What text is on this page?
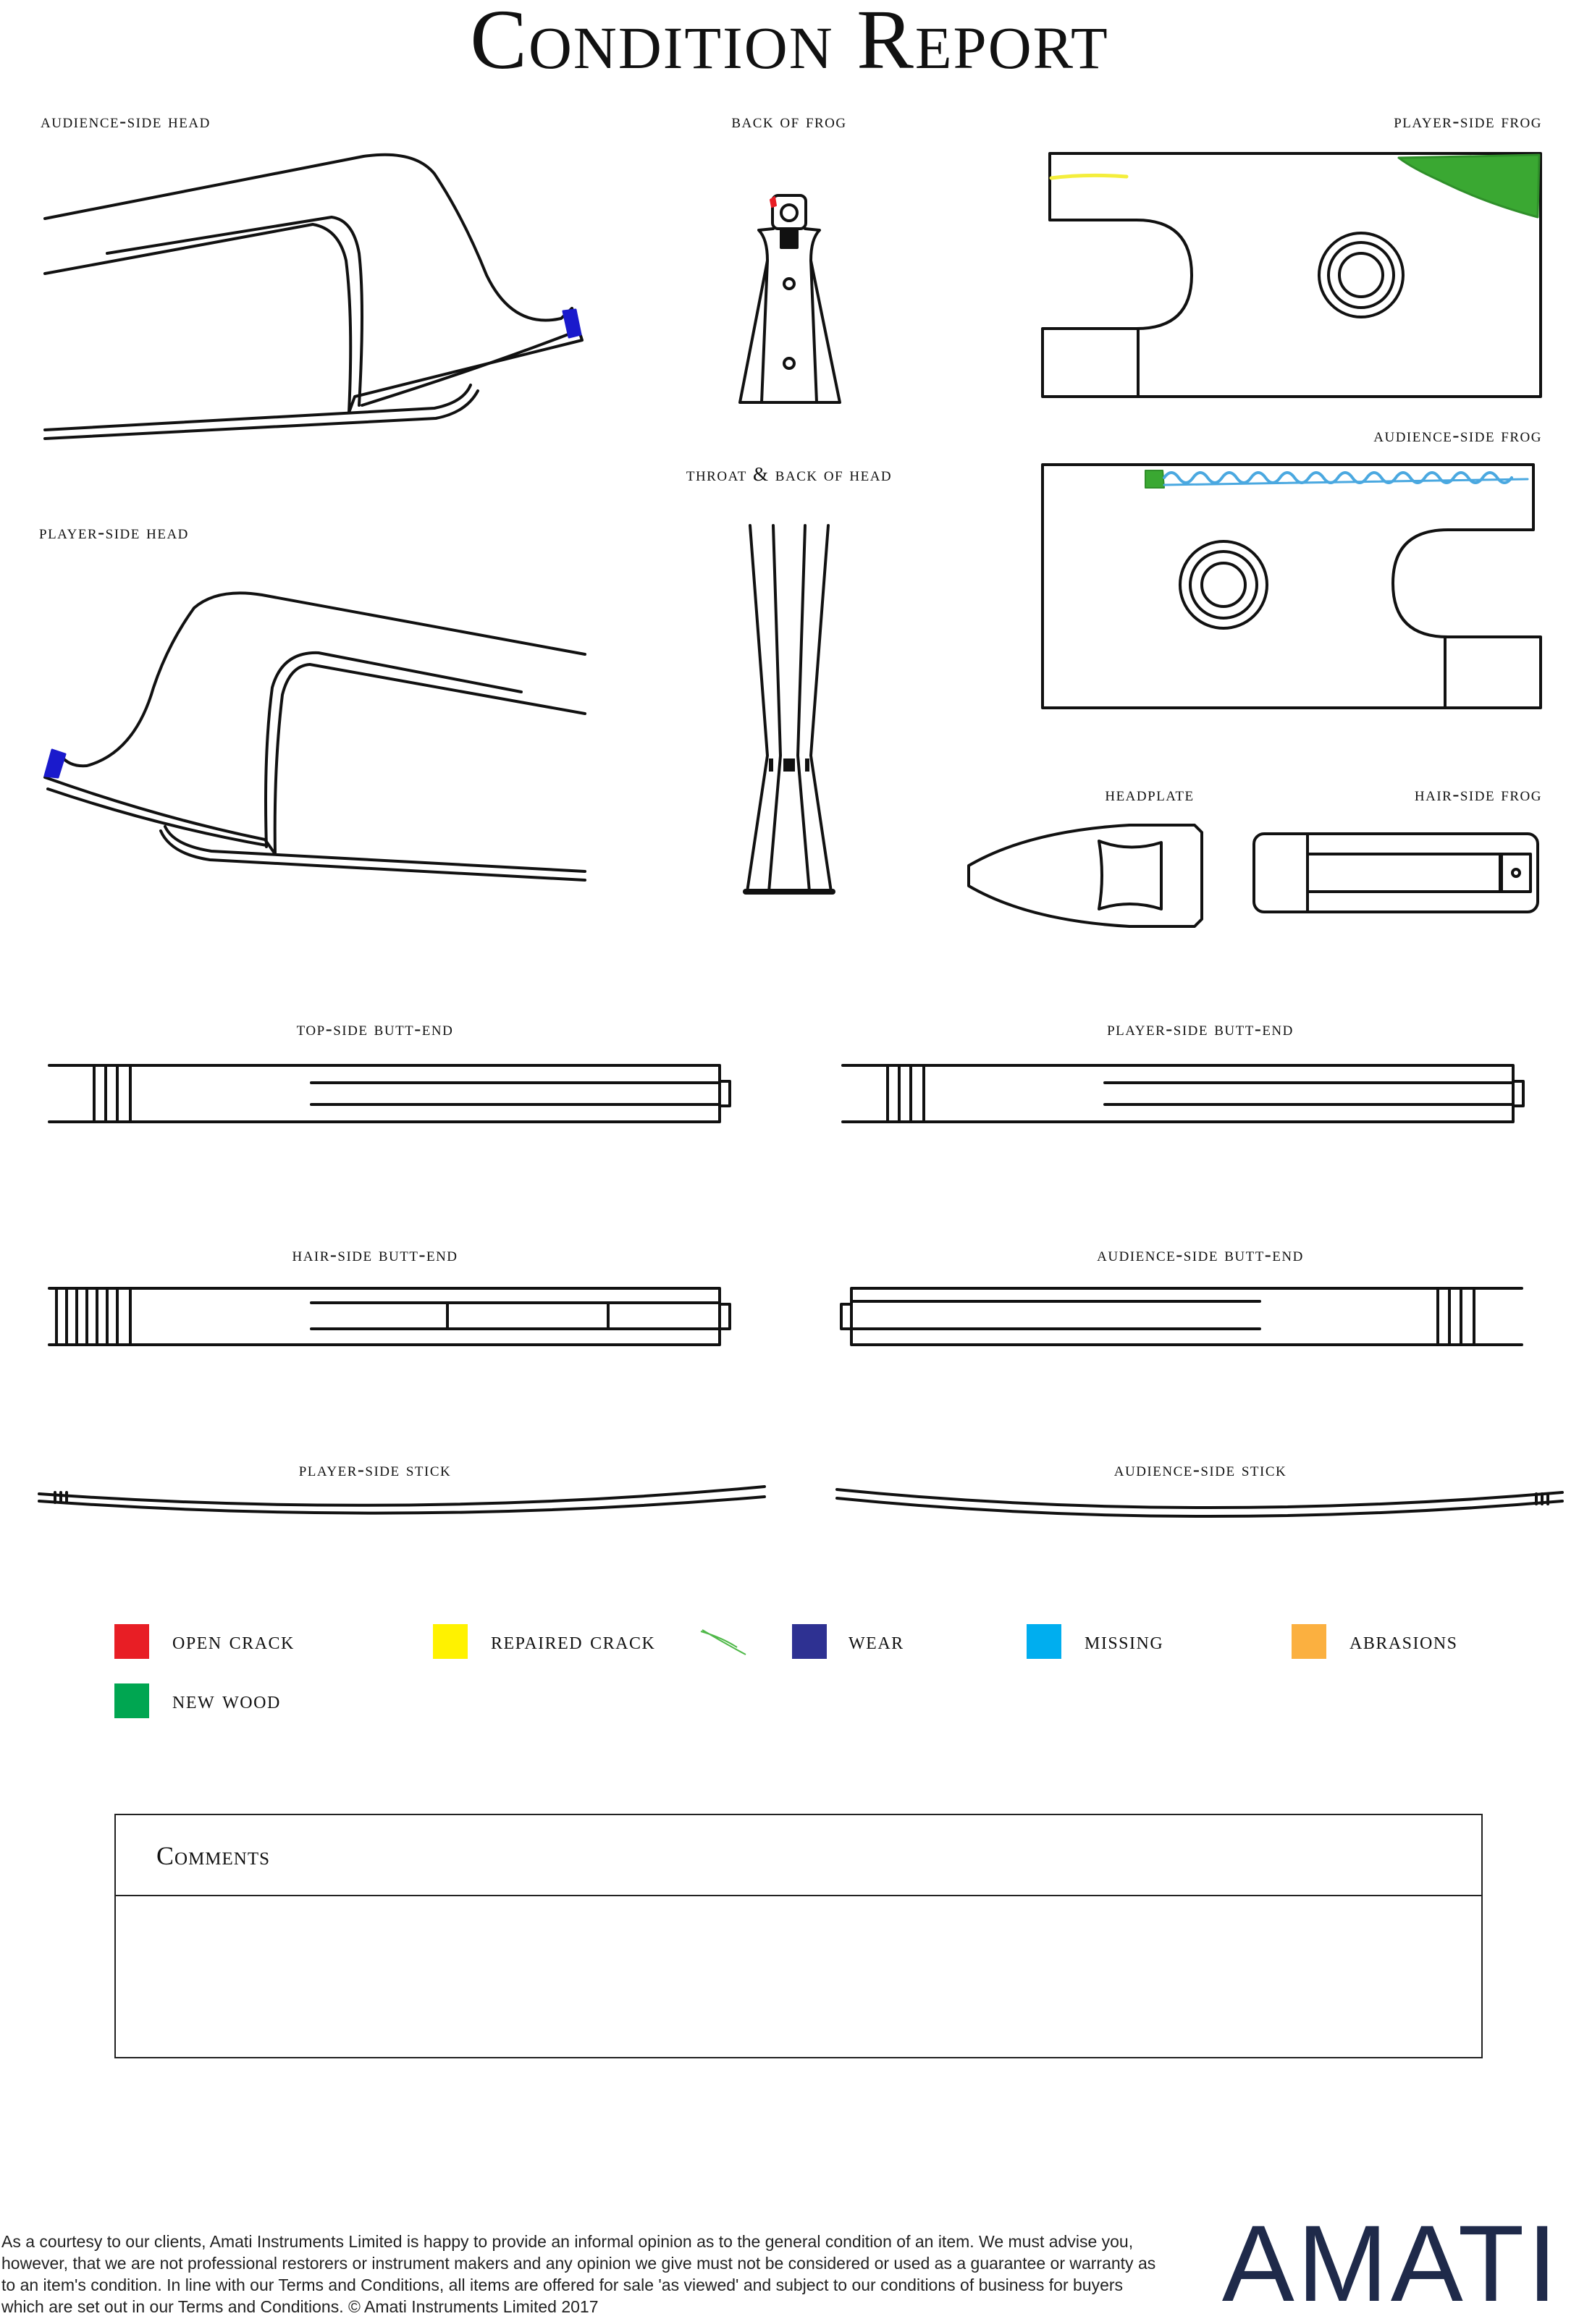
Condition Report
audience-side head	back of frog	player-side frog
throat & back of head
audience-side frog
player-side head
headplate	hair-side frog
top-side butt-end	player-side butt-end
hair-side butt-end	audience-side butt-end
player-side stick	audience-side stick
open crack	repaired crack	wear	missing	abrasions
new wood
Comments
As a courtesy to our clients, Amati Instruments Limited is happy to provide an informal opinion as to the general condition of an item. We must advise you, however, that we are not professional restorers or instrument makers and any opinion we give must not be considered or used as a guarantee or warranty as to an item's condition. In line with our Terms and Conditions, all items are offered for sale 'as viewed' and subject to our conditions of business for buyers which are set out in our Terms and Conditions. © Amati Instruments Limited 2017	AMATI
